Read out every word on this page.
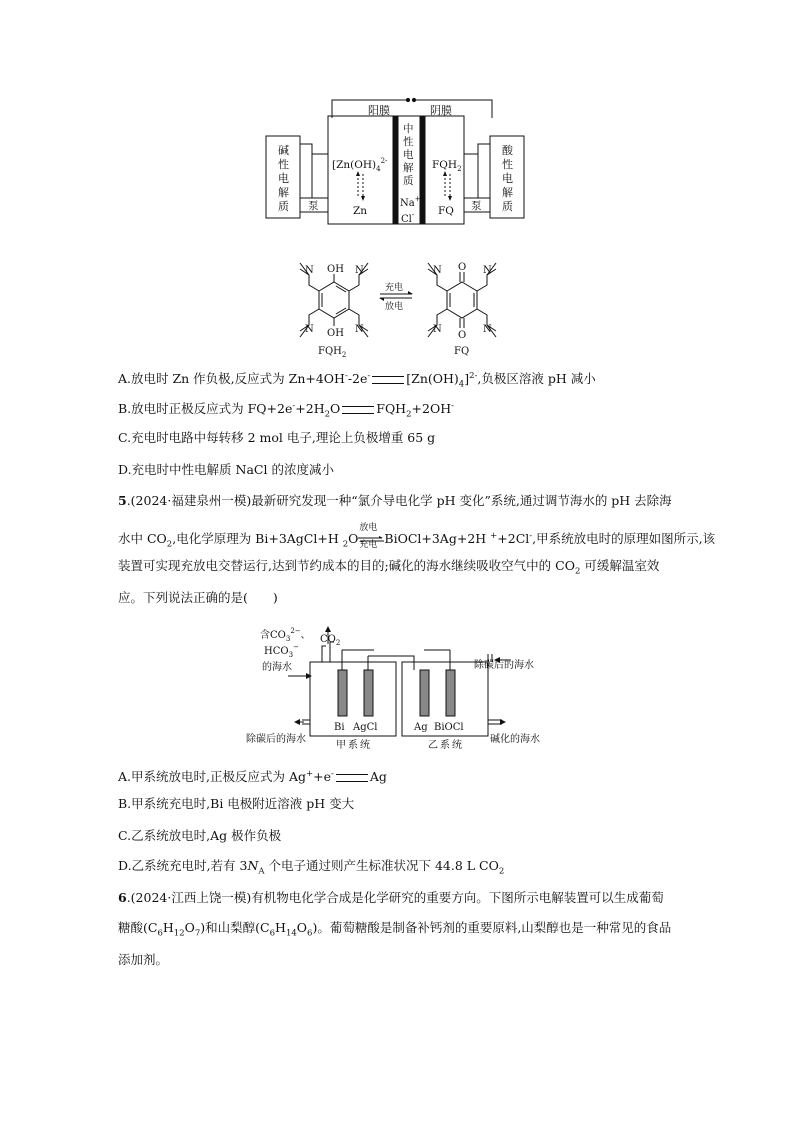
阳膜	阴膜
[$Zn(OH)_4^{2-}$
Zn
$FQH_2$
FQ
Na+
Cl-
泵	泵
碱
性
电
解
质
酸
性
电
解
质
中
性
电
解
质
充电
放电
OH
OH
N	N
N	N
O
O
N	N
N	N
$FQH_2$	FQ
A.放电时 Zn 作负极,反应式为 Zn+4OH--2e-	$[Zn(OH)_4]^{2-}$,负极区溶液 pH 减小
B.放电时正极反应式为 $FQ+2e^-+2H_2O$	$FQH_2+2OH^-$
C.充电时电路中每转移 2 mol 电子,理论上负极增重 65 g
D.充电时中性电解质 NaCl 的浓度减小
5.(2024·福建泉州一模)最新研究发现一种“氯介导电化学 pH 变化”系统,通过调节海水的 pH 去除海
水中 $CO_2$,电化学原理为 Bi+3AgCl+H $_2$O
放电
充电 BiOCl+3Ag+2H ++2Cl-,甲系统放电时的原理如图所示,该
装置可实现充放电交替运行,达到节约成本的目的;碱化的海水继续吸收空气中的 $CO_2$ 可缓解温室效
应。下列说法正确的是(　　)
含$CO_3^{2-}$、
$HCO_3^-$
的海水
$CO_2$
除碳后的海水
除碳后的海水
碱化的海水
Bi AgCl	Ag BiOCl
甲系统	乙系统
A.甲系统放电时,正极反应式为 Ag++e-	Ag
B.甲系统充电时,Bi 电极附近溶液 pH 变大
C.乙系统放电时,Ag 极作负极
D.乙系统充电时,若有 $3N_A$ 个电子通过则产生标准状况下 44.8 L $CO_2$
6.(2024·江西上饶一模)有机物电化学合成是化学研究的重要方向。下图所示电解装置可以生成葡萄
糖酸$(C_6H_{12}O_7)$和山梨醇$(C_6H_{14}O_6)$。葡萄糖酸是制备补钙剂的重要原料,山梨醇也是一种常见的食品
添加剂。
